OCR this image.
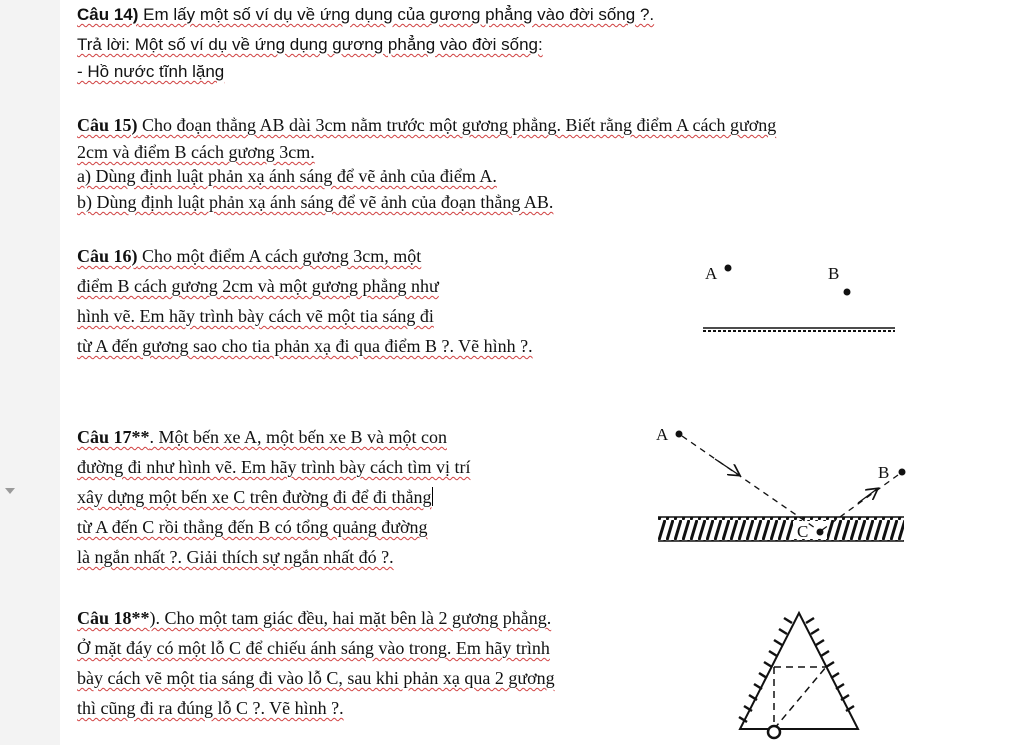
Câu 14) Em lấy một số ví dụ về ứng dụng của gương phẳng vào đời sống ?.
Trả lời: Một số ví dụ về ứng dụng gương phẳng vào đời sống:
- Hồ nước tĩnh lặng
Câu 15) Cho đoạn thẳng AB dài 3cm nằm trước một gương phẳng. Biết rằng điểm A cách gương
2cm và điểm B cách gương 3cm.
a) Dùng định luật phản xạ ánh sáng để vẽ ảnh của điểm A.
b) Dùng định luật phản xạ ánh sáng để vẽ ảnh của đoạn thẳng AB.
Câu 16) Cho một điểm A cách gương 3cm, một
điểm B cách gương 2cm và một gương phẳng như
hình vẽ. Em hãy trình bày cách vẽ một tia sáng đi
từ A đến gương sao cho tia phản xạ đi qua điểm B ?. Vẽ hình ?.
A	B
Câu 17**. Một bến xe A, một bến xe B và một con
đường đi như hình vẽ. Em hãy trình bày cách tìm vị trí
xây dựng một bến xe C trên đường đi để đi thẳng
từ A đến C rồi thẳng đến B có tổng quảng đường
là ngắn nhất ?. Giải thích sự ngắn nhất đó ?.
A
B
C
Câu 18**). Cho một tam giác đều, hai mặt bên là 2 gương phẳng.
Ở mặt đáy có một lỗ C để chiếu ánh sáng vào trong. Em hãy trình
bày cách vẽ một tia sáng đi vào lỗ C, sau khi phản xạ qua 2 gương
thì cũng đi ra đúng lỗ C ?. Vẽ hình ?.
